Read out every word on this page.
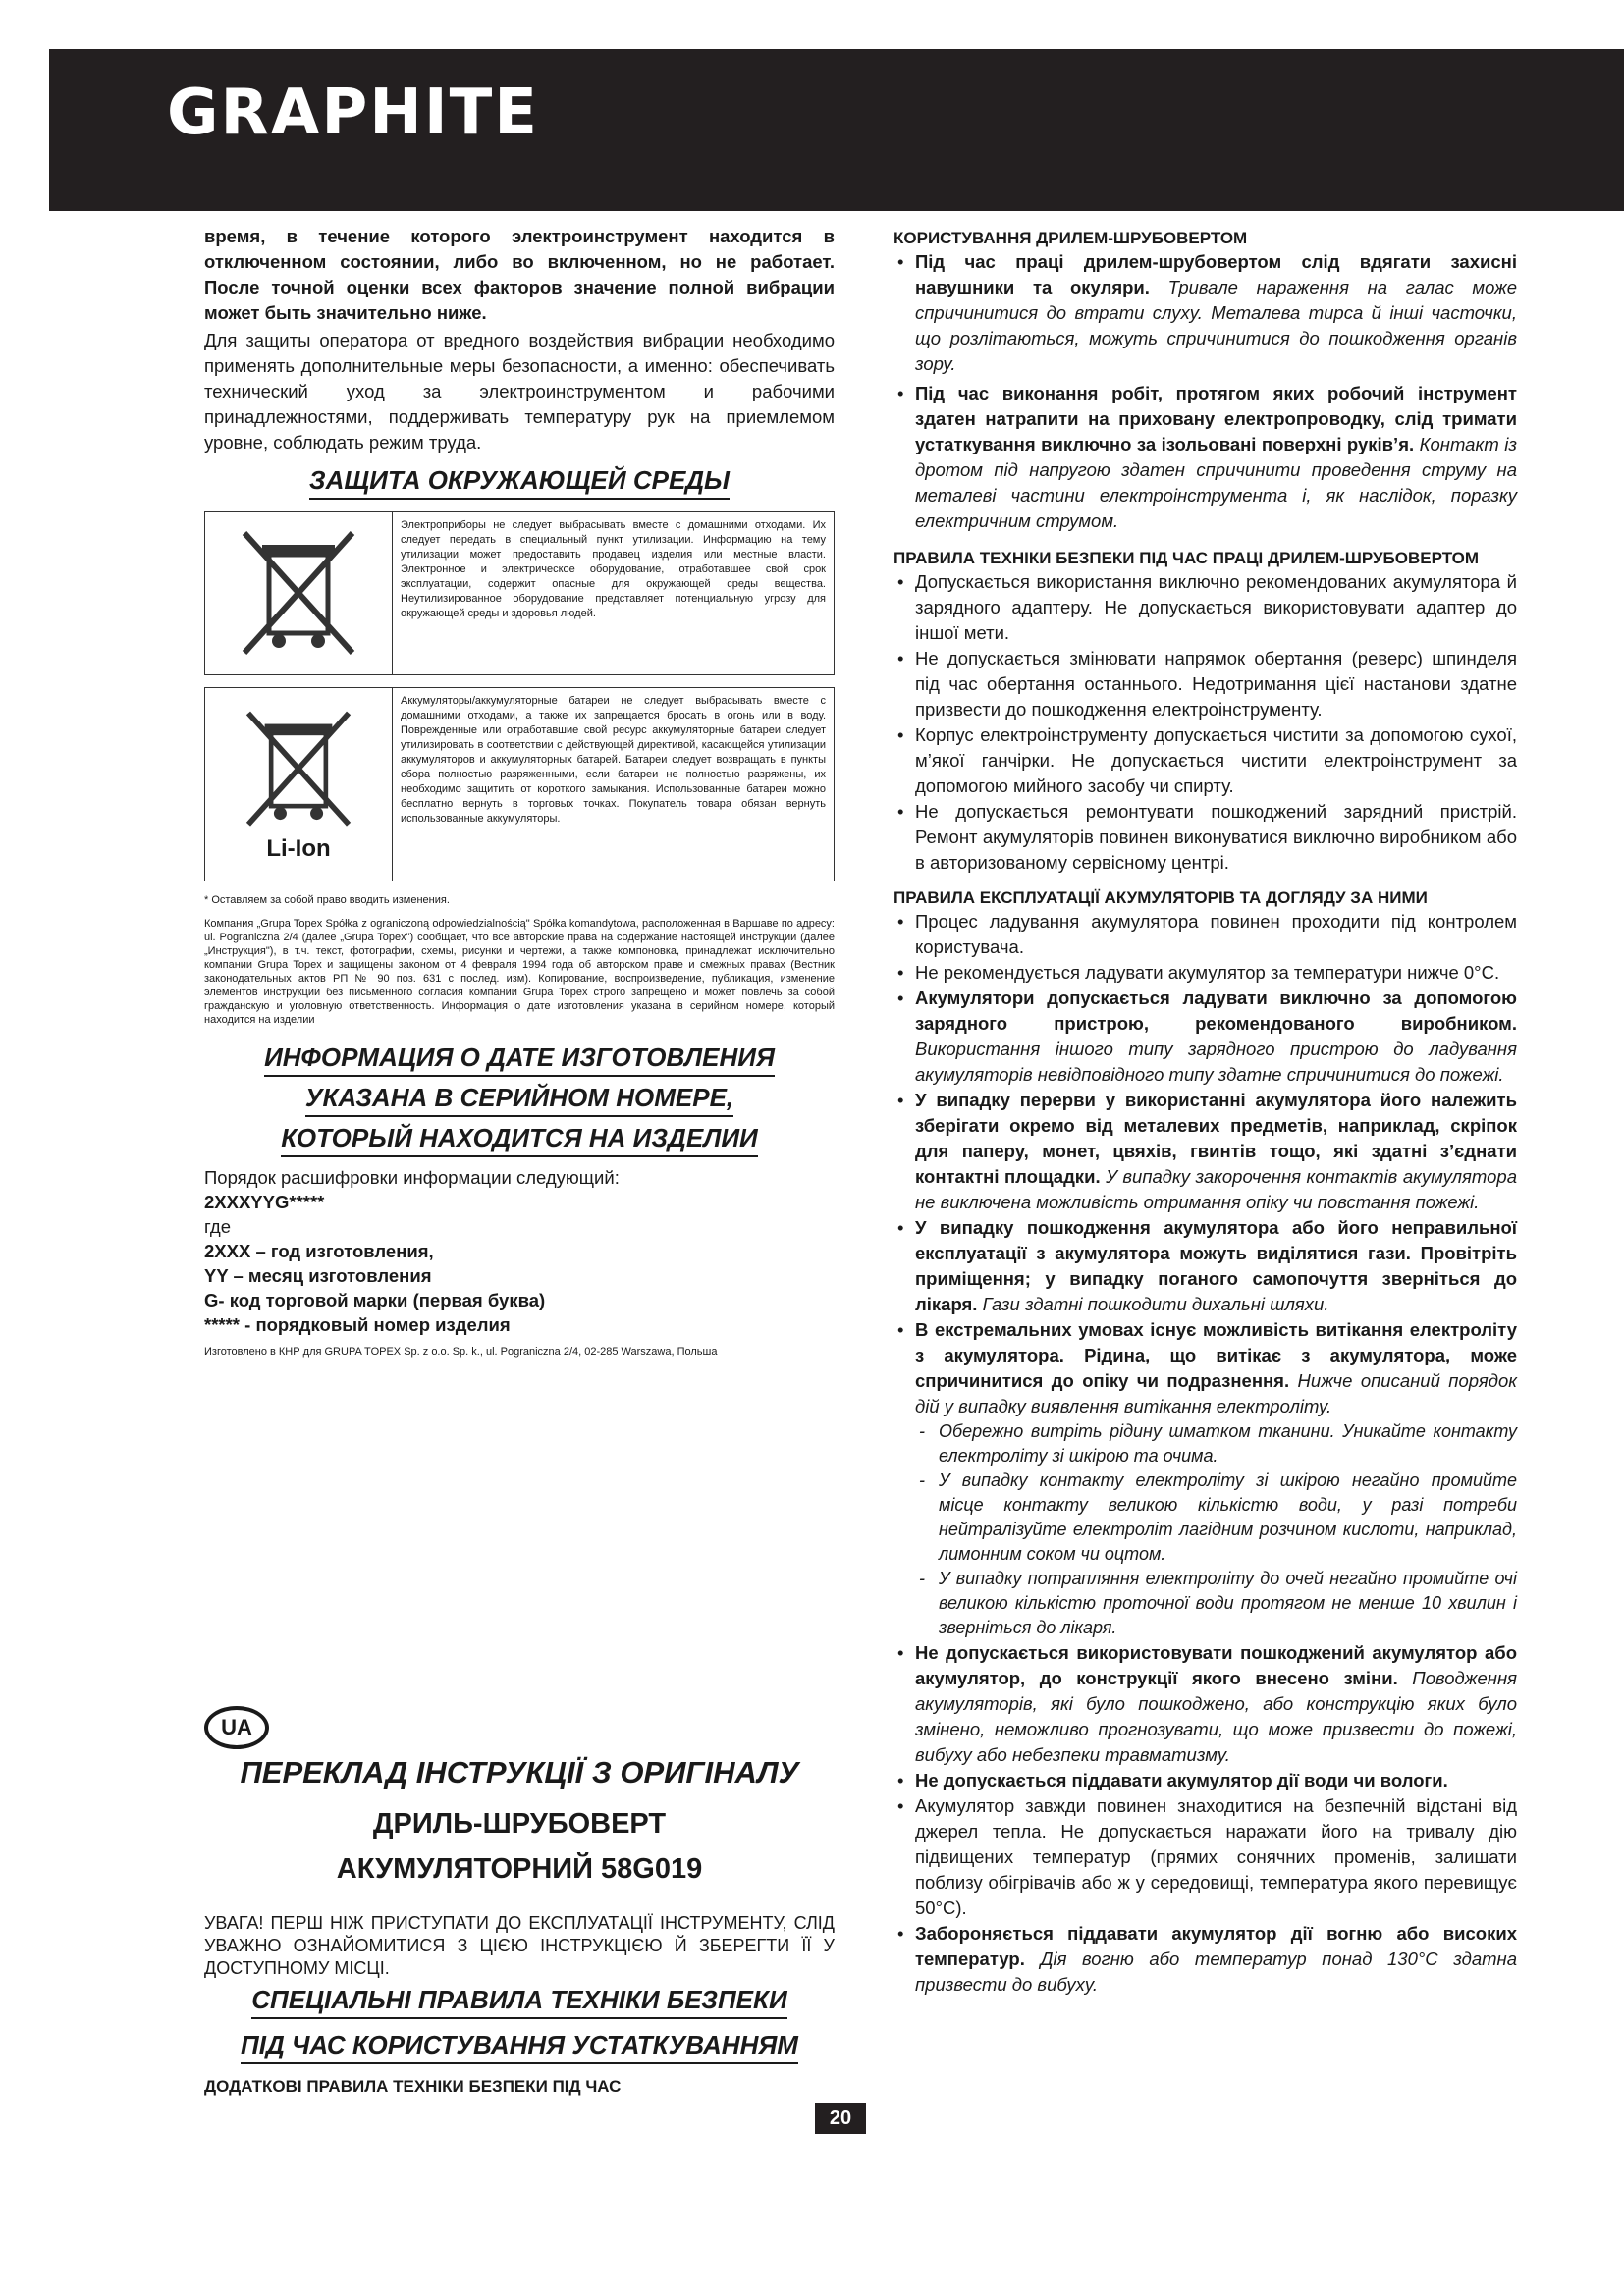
GRAPHITE

время, в течение которого электроинструмент находится в отключенном состоянии, либо во включенном, но не работает. После точной оценки всех факторов значение полной вибрации может быть значительно ниже.

Для защиты оператора от вредного воздействия вибрации необходимо применять дополнительные меры безопасности, а именно: обеспечивать технический уход за электроинструментом и рабочими принадлежностями, поддерживать температуру рук на приемлемом уровне, соблюдать режим труда.

ЗАЩИТА ОКРУЖАЮЩЕЙ СРЕДЫ
Электроприборы не следует выбрасывать вместе с домашними отходами. Их следует передать в специальный пункт утилизации. Информацию на тему утилизации может предоставить продавец изделия или местные власти. Электронное и электрическое оборудование, отработавшее свой срок эксплуатации, содержит опасные для окружающей среды вещества. Неутилизированное оборудование представляет потенциальную угрозу для окружающей среды и здоровья людей.
Li-Ion
Аккумуляторы/аккумуляторные батареи не следует выбрасывать вместе с домашними отходами, а также их запрещается бросать в огонь или в воду. Поврежденные или отработавшие свой ресурс аккумуляторные батареи следует утилизировать в соответствии с действующей директивой, касающейся утилизации аккумуляторов и аккумуляторных батарей. Батареи следует возвращать в пункты сбора полностью разряженными, если батареи не полностью разряжены, их необходимо защитить от короткого замыкания. Использованные батареи можно бесплатно вернуть в торговых точках. Покупатель товара обязан вернуть использованные аккумуляторы.

* Оставляем за собой право вводить изменения.

Компания „Grupa Topex Spółka z ograniczoną odpowiedzialnością" Spółka komandytowa, расположенная в Варшаве по адресу: ul. Pograniczna 2/4 (далее „Grupa Topex") сообщает, что все авторские права на содержание настоящей инструкции (далее „Инструкция"), в т.ч. текст, фотографии, схемы, рисунки и чертежи, а также компоновка, принадлежат исключительно компании Grupa Topex и защищены законом от 4 февраля 1994 года об авторском праве и смежных правах (Вестник законодательных актов РП № 90 поз. 631 с послед. изм). Копирование, воспроизведение, публикация, изменение элементов инструкции без письменного согласия компании Grupa Topex строго запрещено и может повлечь за собой гражданскую и уголовную ответственность. Информация о дате изготовления указана в серийном номере, который находится на изделии

ИНФОРМАЦИЯ О ДАТЕ ИЗГОТОВЛЕНИЯ
УКАЗАНА В СЕРИЙНОМ НОМЕРЕ,
КОТОРЫЙ НАХОДИТСЯ НА ИЗДЕЛИИ

Порядок расшифровки информации следующий:

2XXXYYG*****

где

2XXX – год изготовления,

YY – месяц изготовления

G- код торговой марки (первая буква)

***** - порядковый номер изделия

Изготовлено в КНР для GRUPA TOPEX Sp. z o.o. Sp. k., ul. Pograniczna 2/4, 02-285 Warszawa, Польша

UA
ПЕРЕКЛАД ІНСТРУКЦІЇ З ОРИГІНАЛУ
ДРИЛЬ-ШРУБОВЕРТ
АКУМУЛЯТОРНИЙ 58G019
УВАГА! ПЕРШ НІЖ ПРИСТУПАТИ ДО ЕКСПЛУАТАЦІЇ ІНСТРУМЕНТУ, СЛІД УВАЖНО ОЗНАЙОМИТИСЯ З ЦІЄЮ ІНСТРУКЦІЄЮ Й ЗБЕРЕГТИ ЇЇ У ДОСТУПНОМУ МІСЦІ.
СПЕЦІАЛЬНІ ПРАВИЛА ТЕХНІКИ БЕЗПЕКИ
ПІД ЧАС КОРИСТУВАННЯ УСТАТКУВАННЯМ
ДОДАТКОВІ ПРАВИЛА ТЕХНІКИ БЕЗПЕКИ ПІД ЧАС
КОРИСТУВАННЯ ДРИЛЕМ-ШРУБОВЕРТОМ

• Під час праці дрилем-шрубовертом слід вдягати захисні навушники та окуляри. Тривале нараження на галас може спричинитися до втрати слуху. Металева тирса й інші часточки, що розлітаються, можуть спричинитися до пошкодження органів зору.

• Під час виконання робіт, протягом яких робочий інструмент здатен натрапити на приховану електропроводку, слід тримати устаткування виключно за ізольовані поверхні руків’я. Контакт із дротом під напругою здатен спричинити проведення струму на металеві частини електроінструмента і, як наслідок, поразку електричним струмом.

ПРАВИЛА ТЕХНІКИ БЕЗПЕКИ ПІД ЧАС ПРАЦІ ДРИЛЕМ-ШРУБОВЕРТОМ

• Допускається використання виключно рекомендованих акумулятора й зарядного адаптеру. Не допускається використовувати адаптер до іншої мети.

• Не допускається змінювати напрямок обертання (реверс) шпинделя під час обертання останнього. Недотримання цієї настанови здатне призвести до пошкодження електроінструменту.

• Корпус електроінструменту допускається чистити за допомогою сухої, м’якої ганчірки. Не допускається чистити електроінструмент за допомогою мийного засобу чи спирту.

• Не допускається ремонтувати пошкоджений зарядний пристрій. Ремонт акумуляторів повинен виконуватися виключно виробником або в авторизованому сервісному центрі.

ПРАВИЛА ЕКСПЛУАТАЦІЇ АКУМУЛЯТОРІВ ТА ДОГЛЯДУ ЗА НИМИ

• Процес ладування акумулятора повинен проходити під контролем користувача.

• Не рекомендується ладувати акумулятор за температури нижче 0°C.

• Акумулятори допускається ладувати виключно за допомогою зарядного пристрою, рекомендованого виробником. Використання іншого типу зарядного пристрою до ладування акумуляторів невідповідного типу здатне спричинитися до пожежі.

• У випадку перерви у використанні акумулятора його належить зберігати окремо від металевих предметів, наприклад, скріпок для паперу, монет, цвяхів, гвинтів тощо, які здатні з’єднати контактні площадки. У випадку закорочення контактів акумулятора не виключена можливість отримання опіку чи повстання пожежі.

• У випадку пошкодження акумулятора або його неправильної експлуатації з акумулятора можуть виділятися гази. Провітріть приміщення; у випадку поганого самопочуття зверніться до лікаря. Гази здатні пошкодити дихальні шляхи.

• В екстремальних умовах існує можливість витікання електроліту з акумулятора. Рідина, що витікає з акумулятора, може спричинитися до опіку чи подразнення. Нижче описаний порядок дій у випадку виявлення витікання електроліту.

- Обережно витріть рідину шматком тканини. Уникайте контакту електроліту зі шкірою та очима.

- У випадку контакту електроліту зі шкірою негайно промийте місце контакту великою кількістю води, у разі потреби нейтралізуйте електроліт лагідним розчином кислоти, наприклад, лимонним соком чи оцтом.

- У випадку потрапляння електроліту до очей негайно промийте очі великою кількістю проточної води протягом не менше 10 хвилин і зверніться до лікаря.

• Не допускається використовувати пошкоджений акумулятор або акумулятор, до конструкції якого внесено зміни. Поводження акумуляторів, які було пошкоджено, або конструкцію яких було змінено, неможливо прогнозувати, що може призвести до пожежі, вибуху або небезпеки травматизму.

• Не допускається піддавати акумулятор дії води чи вологи.

• Акумулятор завжди повинен знаходитися на безпечній відстані від джерел тепла. Не допускається наражати його на тривалу дію підвищених температур (прямих сонячних променів, залишати поблизу обігрівачів або ж у середовищі, температура якого перевищує 50°C).

• Забороняється піддавати акумулятор дії вогню або високих температур. Дія вогню або температур понад 130°C здатна призвести до вибуху.

20
